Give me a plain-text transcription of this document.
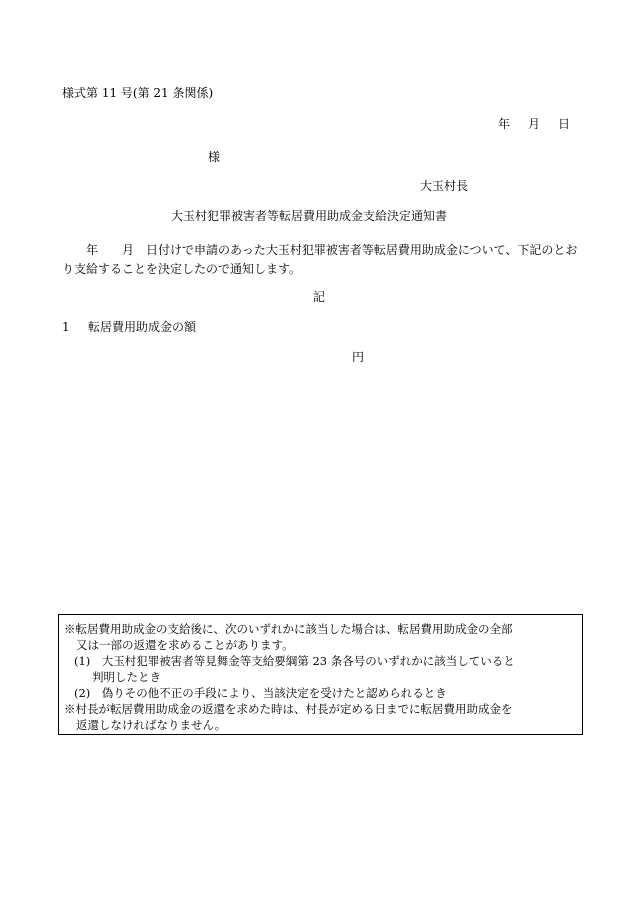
様式第 11 号(第 21 条関係)
年 月 日
様
大玉村長
大玉村犯罪被害者等転居費用助成金支給決定通知書
年 月 日付けで申請のあった大玉村犯罪被害者等転居費用助成金について、下記のとおり支給することを決定したので通知します。
記
1 転居費用助成金の額
円
※転居費用助成金の支給後に、次のいずれかに該当した場合は、転居費用助成金の全部
又は一部の返還を求めることがあります。
(1)　大玉村犯罪被害者等見舞金等支給要綱第 23 条各号のいずれかに該当していると
判明したとき
(2)　偽りその他不正の手段により、当該決定を受けたと認められるとき
※村長が転居費用助成金の返還を求めた時は、村長が定める日までに転居費用助成金を
返還しなければなりません。
